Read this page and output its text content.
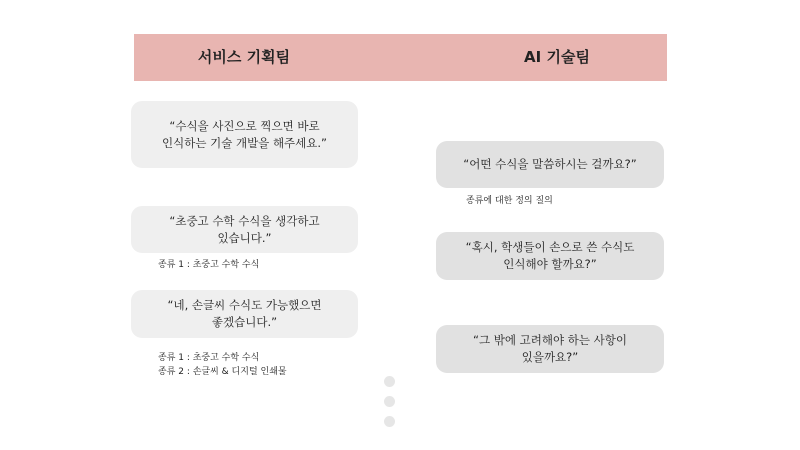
서비스 기획팀	AI 기술팀
“수식을 사진으로 찍으면 바로
인식하는 기술 개발을 해주세요.”
“초중고 수학 수식을 생각하고
있습니다.”
종류 1 : 초중고 수학 수식
“네, 손글씨 수식도 가능했으면
좋겠습니다.”
종류 1 : 초중고 수학 수식
종류 2 : 손글씨 & 디지털 인쇄물
“어떤 수식을 말씀하시는 걸까요?”
종류에 대한 정의 질의
“혹시, 학생들이 손으로 쓴 수식도
인식해야 할까요?”
“그 밖에 고려해야 하는 사항이
있을까요?”
